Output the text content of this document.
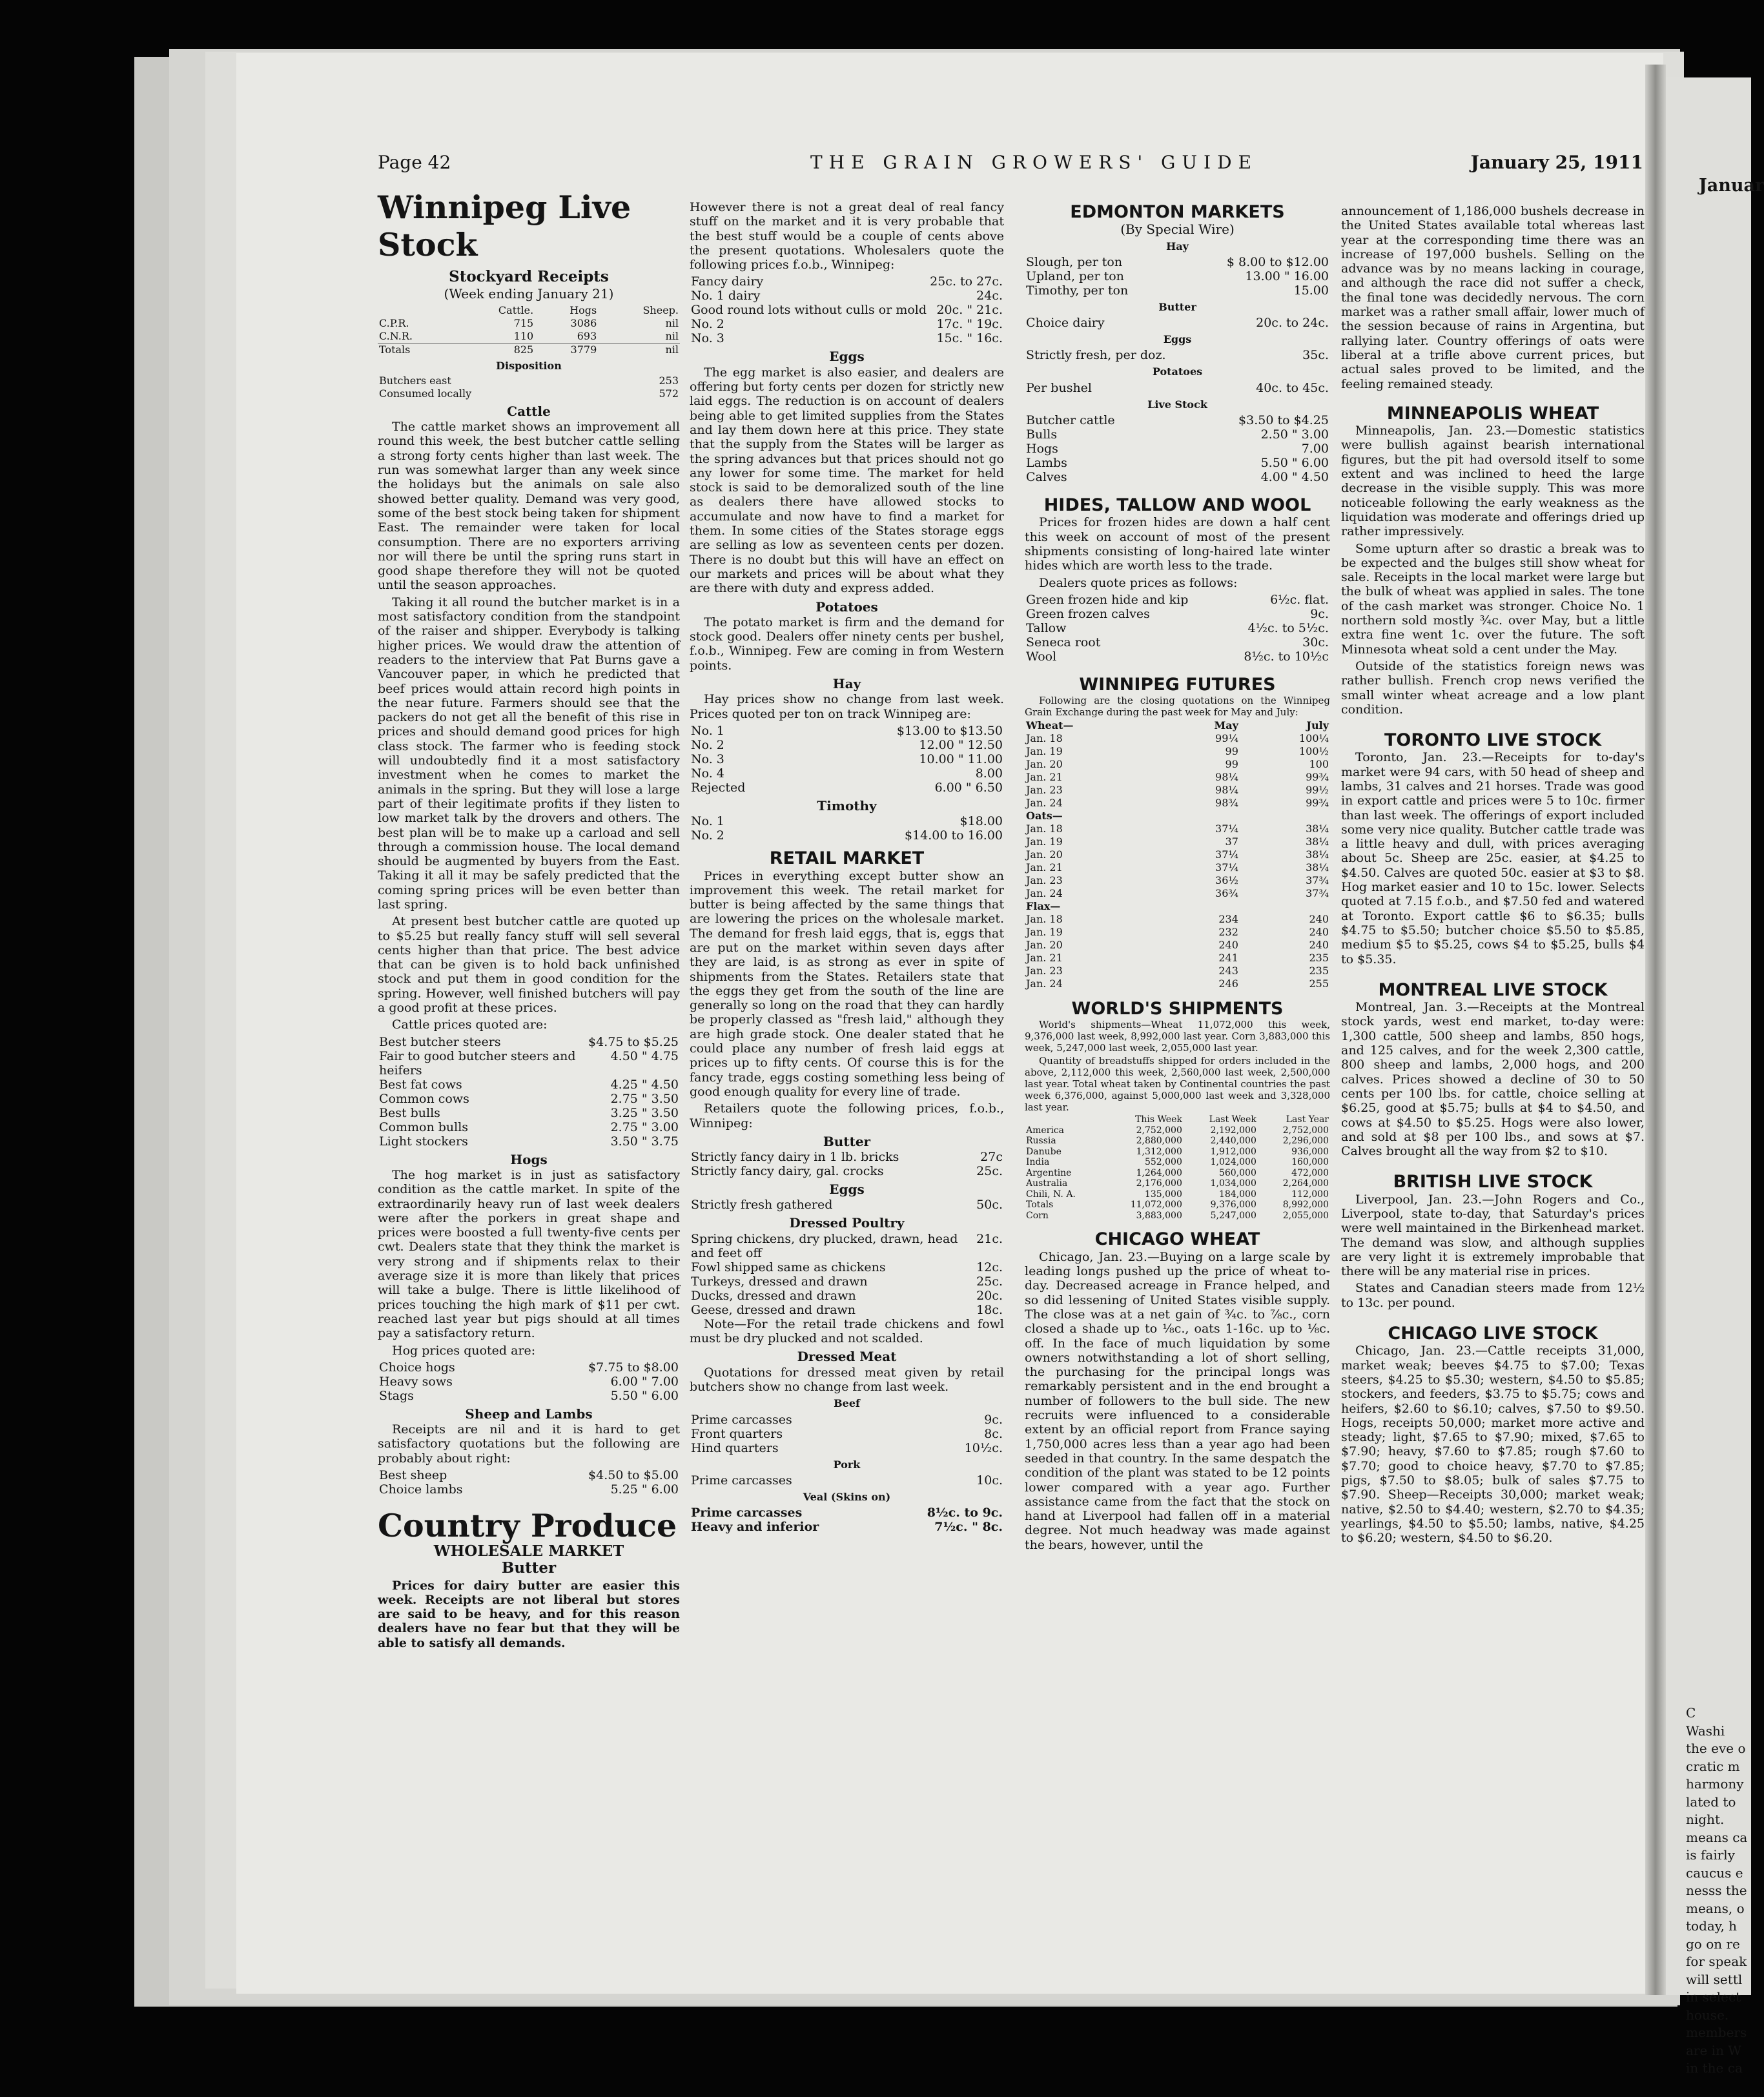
Januar
C
Washi
the eve o
cratic m
harmony
lated to
night.
means ca
is fairly
caucus e
nesss the
means, o
today, h
go on re
for speak
will settl
in select
house.
members
are in W
in the ca
Page 42	THE GRAIN GROWERS' GUIDE	January 25, 1911
Winnipeg Live Stock
Stockyard Receipts
(Week ending January 21)
	Cattle.	Hogs	Sheep.
C.P.R.	715	3086	nil
C.N.R.	110	693	nil
Totals	825	3779	nil
Disposition
Butchers east	253
Consumed locally	572
Cattle

The cattle market shows an improvement all round this week, the best butcher cattle selling a strong forty cents higher than last week. The run was somewhat larger than any week since the holidays but the animals on sale also showed better quality. Demand was very good, some of the best stock being taken for shipment East. The remainder were taken for local consumption. There are no exporters arriving nor will there be until the spring runs start in good shape therefore they will not be quoted until the season approaches.

Taking it all round the butcher market is in a most satisfactory condition from the standpoint of the raiser and shipper. Everybody is talking higher prices. We would draw the attention of readers to the interview that Pat Burns gave a Vancouver paper, in which he predicted that beef prices would attain record high points in the near future. Farmers should see that the packers do not get all the benefit of this rise in prices and should demand good prices for high class stock. The farmer who is feeding stock will undoubtedly find it a most satisfactory investment when he comes to market the animals in the spring. But they will lose a large part of their legitimate profits if they listen to low market talk by the drovers and others. The best plan will be to make up a carload and sell through a commission house. The local demand should be augmented by buyers from the East. Taking it all it may be safely predicted that the coming spring prices will be even better than last spring.

At present best butcher cattle are quoted up to $5.25 but really fancy stuff will sell several cents higher than that price. The best advice that can be given is to hold back unfinished stock and put them in good condition for the spring. However, well finished butchers will pay a good profit at these prices.

Cattle prices quoted are:

Best butcher steers	$4.75 to $5.25
Fair to good butcher steers and heifers	4.50 " 4.75
Best fat cows	4.25 " 4.50
Common cows	2.75 " 3.50
Best bulls	3.25 " 3.50
Common bulls	2.75 " 3.00
Light stockers	3.50 " 3.75
Hogs

The hog market is in just as satisfactory condition as the cattle market. In spite of the extraordinarily heavy run of last week dealers were after the porkers in great shape and prices were boosted a full twenty-five cents per cwt. Dealers state that they think the market is very strong and if shipments relax to their average size it is more than likely that prices will take a bulge. There is little likelihood of prices touching the high mark of $11 per cwt. reached last year but pigs should at all times pay a satisfactory return.

Hog prices quoted are:

Choice hogs	$7.75 to $8.00
Heavy sows	6.00 " 7.00
Stags	5.50 " 6.00
Sheep and Lambs

Receipts are nil and it is hard to get satisfactory quotations but the following are probably about right:

Best sheep	$4.50 to $5.00
Choice lambs	5.25 " 6.00
Country Produce
WHOLESALE MARKET
Butter

Prices for dairy butter are easier this week. Receipts are not liberal but stores are said to be heavy, and for this reason dealers have no fear but that they will be able to satisfy all demands.

However there is not a great deal of real fancy stuff on the market and it is very probable that the best stuff would be a couple of cents above the present quotations. Wholesalers quote the following prices f.o.b., Winnipeg:

Fancy dairy	25c. to 27c.
No. 1 dairy	24c.
Good round lots without culls or mold	20c. " 21c.
No. 2	17c. " 19c.
No. 3	15c. " 16c.
Eggs

The egg market is also easier, and dealers are offering but forty cents per dozen for strictly new laid eggs. The reduction is on account of dealers being able to get limited supplies from the States and lay them down here at this price. They state that the supply from the States will be larger as the spring advances but that prices should not go any lower for some time. The market for held stock is said to be demoralized south of the line as dealers there have allowed stocks to accumulate and now have to find a market for them. In some cities of the States storage eggs are selling as low as seventeen cents per dozen. There is no doubt but this will have an effect on our markets and prices will be about what they are there with duty and express added.

Potatoes

The potato market is firm and the demand for stock good. Dealers offer ninety cents per bushel, f.o.b., Winnipeg. Few are coming in from Western points.

Hay

Hay prices show no change from last week. Prices quoted per ton on track Winnipeg are:

No. 1	$13.00 to $13.50
No. 2	12.00 " 12.50
No. 3	10.00 " 11.00
No. 4	8.00
Rejected	6.00 " 6.50
Timothy
No. 1	$18.00
No. 2	$14.00 to 16.00
RETAIL MARKET

Prices in everything except butter show an improvement this week. The retail market for butter is being affected by the same things that are lowering the prices on the wholesale market. The demand for fresh laid eggs, that is, eggs that are put on the market within seven days after they are laid, is as strong as ever in spite of shipments from the States. Retailers state that the eggs they get from the south of the line are generally so long on the road that they can hardly be properly classed as "fresh laid," although they are high grade stock. One dealer stated that he could place any number of fresh laid eggs at prices up to fifty cents. Of course this is for the fancy trade, eggs costing something less being of good enough quality for every line of trade.

Retailers quote the following prices, f.o.b., Winnipeg:

Butter
Strictly fancy dairy in 1 lb. bricks	27c
Strictly fancy dairy, gal. crocks	25c.
Eggs
Strictly fresh gathered	50c.
Dressed Poultry
Spring chickens, dry plucked, drawn, head and feet off	21c.
Fowl shipped same as chickens	12c.
Turkeys, dressed and drawn	25c.
Ducks, dressed and drawn	20c.
Geese, dressed and drawn	18c.

Note—For the retail trade chickens and fowl must be dry plucked and not scalded.

Dressed Meat

Quotations for dressed meat given by retail butchers show no change from last week.

Beef
Prime carcasses	9c.
Front quarters	8c.
Hind quarters	10½c.
Pork
Prime carcasses	10c.
Veal (Skins on)
Prime carcasses	8½c. to 9c.
Heavy and inferior	7½c. " 8c.
EDMONTON MARKETS
(By Special Wire)
Hay
Slough, per ton	$ 8.00 to $12.00
Upland, per ton	13.00 " 16.00
Timothy, per ton	15.00
Butter
Choice dairy	20c. to 24c.
Eggs
Strictly fresh, per doz.	35c.
Potatoes
Per bushel	40c. to 45c.
Live Stock
Butcher cattle	$3.50 to $4.25
Bulls	2.50 " 3.00
Hogs	7.00
Lambs	5.50 " 6.00
Calves	4.00 " 4.50
HIDES, TALLOW AND WOOL

Prices for frozen hides are down a half cent this week on account of most of the present shipments consisting of long-haired late winter hides which are worth less to the trade.

Dealers quote prices as follows:

Green frozen hide and kip	6½c. flat.
Green frozen calves	9c.
Tallow	4½c. to 5½c.
Seneca root	30c.
Wool	8½c. to 10½c
WINNIPEG FUTURES

Following are the closing quotations on the Winnipeg Grain Exchange during the past week for May and July:

Wheat—	May	July
Jan. 18	99¼	100¼
Jan. 19	99	100½
Jan. 20	99	100
Jan. 21	98¼	99¾
Jan. 23	98¼	99½
Jan. 24	98¾	99¾
Oats—		
Jan. 18	37¼	38¼
Jan. 19	37	38¼
Jan. 20	37¼	38¼
Jan. 21	37¼	38¼
Jan. 23	36½	37¾
Jan. 24	36¾	37¾
Flax—		
Jan. 18	234	240
Jan. 19	232	240
Jan. 20	240	240
Jan. 21	241	235
Jan. 23	243	235
Jan. 24	246	255
WORLD'S SHIPMENTS

World's shipments—Wheat 11,072,000 this week, 9,376,000 last week, 8,992,000 last year. Corn 3,883,000 this week, 5,247,000 last week, 2,055,000 last year.

Quantity of breadstuffs shipped for orders included in the above, 2,112,000 this week, 2,560,000 last week, 2,500,000 last year. Total wheat taken by Continental countries the past week 6,376,000, against 5,000,000 last week and 3,328,000 last year.

	This Week	Last Week	Last Year
America	2,752,000	2,192,000	2,752,000
Russia	2,880,000	2,440,000	2,296,000
Danube	1,312,000	1,912,000	936,000
India	552,000	1,024,000	160,000
Argentine	1,264,000	560,000	472,000
Australia	2,176,000	1,034,000	2,264,000
Chili, N. A.	135,000	184,000	112,000
Totals	11,072,000	9,376,000	8,992,000
Corn	3,883,000	5,247,000	2,055,000
CHICAGO WHEAT

Chicago, Jan. 23.—Buying on a large scale by leading longs pushed up the price of wheat to-day. Decreased acreage in France helped, and so did lessening of United States visible supply. The close was at a net gain of ¾c. to ⅞c., corn closed a shade up to ⅛c., oats 1-16c. up to ⅛c. off. In the face of much liquidation by some owners notwithstanding a lot of short selling, the purchasing for the principal longs was remarkably persistent and in the end brought a number of followers to the bull side. The new recruits were influenced to a considerable extent by an official report from France saying 1,750,000 acres less than a year ago had been seeded in that country. In the same despatch the condition of the plant was stated to be 12 points lower compared with a year ago. Further assistance came from the fact that the stock on hand at Liverpool had fallen off in a material degree. Not much headway was made against the bears, however, until the

announcement of 1,186,000 bushels decrease in the United States available total whereas last year at the corresponding time there was an increase of 197,000 bushels. Selling on the advance was by no means lacking in courage, and although the race did not suffer a check, the final tone was decidedly nervous. The corn market was a rather small affair, lower much of the session because of rains in Argentina, but rallying later. Country offerings of oats were liberal at a trifle above current prices, but actual sales proved to be limited, and the feeling remained steady.

MINNEAPOLIS WHEAT

Minneapolis, Jan. 23.—Domestic statistics were bullish against bearish international figures, but the pit had oversold itself to some extent and was inclined to heed the large decrease in the visible supply. This was more noticeable following the early weakness as the liquidation was moderate and offerings dried up rather impressively.

Some upturn after so drastic a break was to be expected and the bulges still show wheat for sale. Receipts in the local market were large but the bulk of wheat was applied in sales. The tone of the cash market was stronger. Choice No. 1 northern sold mostly ¾c. over May, but a little extra fine went 1c. over the future. The soft Minnesota wheat sold a cent under the May.

Outside of the statistics foreign news was rather bullish. French crop news verified the small winter wheat acreage and a low plant condition.

TORONTO LIVE STOCK

Toronto, Jan. 23.—Receipts for to-day's market were 94 cars, with 50 head of sheep and lambs, 31 calves and 21 horses. Trade was good in export cattle and prices were 5 to 10c. firmer than last week. The offerings of export included some very nice quality. Butcher cattle trade was a little heavy and dull, with prices averaging about 5c. Sheep are 25c. easier, at $4.25 to $4.50. Calves are quoted 50c. easier at $3 to $8. Hog market easier and 10 to 15c. lower. Selects quoted at 7.15 f.o.b., and $7.50 fed and watered at Toronto. Export cattle $6 to $6.35; bulls $4.75 to $5.50; butcher choice $5.50 to $5.85, medium $5 to $5.25, cows $4 to $5.25, bulls $4 to $5.35.

MONTREAL LIVE STOCK

Montreal, Jan. 3.—Receipts at the Montreal stock yards, west end market, to-day were: 1,300 cattle, 500 sheep and lambs, 850 hogs, and 125 calves, and for the week 2,300 cattle, 800 sheep and lambs, 2,000 hogs, and 200 calves. Prices showed a decline of 30 to 50 cents per 100 lbs. for cattle, choice selling at $6.25, good at $5.75; bulls at $4 to $4.50, and cows at $4.50 to $5.25. Hogs were also lower, and sold at $8 per 100 lbs., and sows at $7. Calves brought all the way from $2 to $10.

BRITISH LIVE STOCK

Liverpool, Jan. 23.—John Rogers and Co., Liverpool, state to-day, that Saturday's prices were well maintained in the Birkenhead market. The demand was slow, and although supplies are very light it is extremely improbable that there will be any material rise in prices.

States and Canadian steers made from 12½ to 13c. per pound.

CHICAGO LIVE STOCK

Chicago, Jan. 23.—Cattle receipts 31,000, market weak; beeves $4.75 to $7.00; Texas steers, $4.25 to $5.30; western, $4.50 to $5.85; stockers, and feeders, $3.75 to $5.75; cows and heifers, $2.60 to $6.10; calves, $7.50 to $9.50. Hogs, receipts 50,000; market more active and steady; light, $7.65 to $7.90; mixed, $7.65 to $7.90; heavy, $7.60 to $7.85; rough $7.60 to $7.70; good to choice heavy, $7.70 to $7.85; pigs, $7.50 to $8.05; bulk of sales $7.75 to $7.90. Sheep—Receipts 30,000; market weak; native, $2.50 to $4.40; western, $2.70 to $4.35; yearlings, $4.50 to $5.50; lambs, native, $4.25 to $6.20; western, $4.50 to $6.20.
